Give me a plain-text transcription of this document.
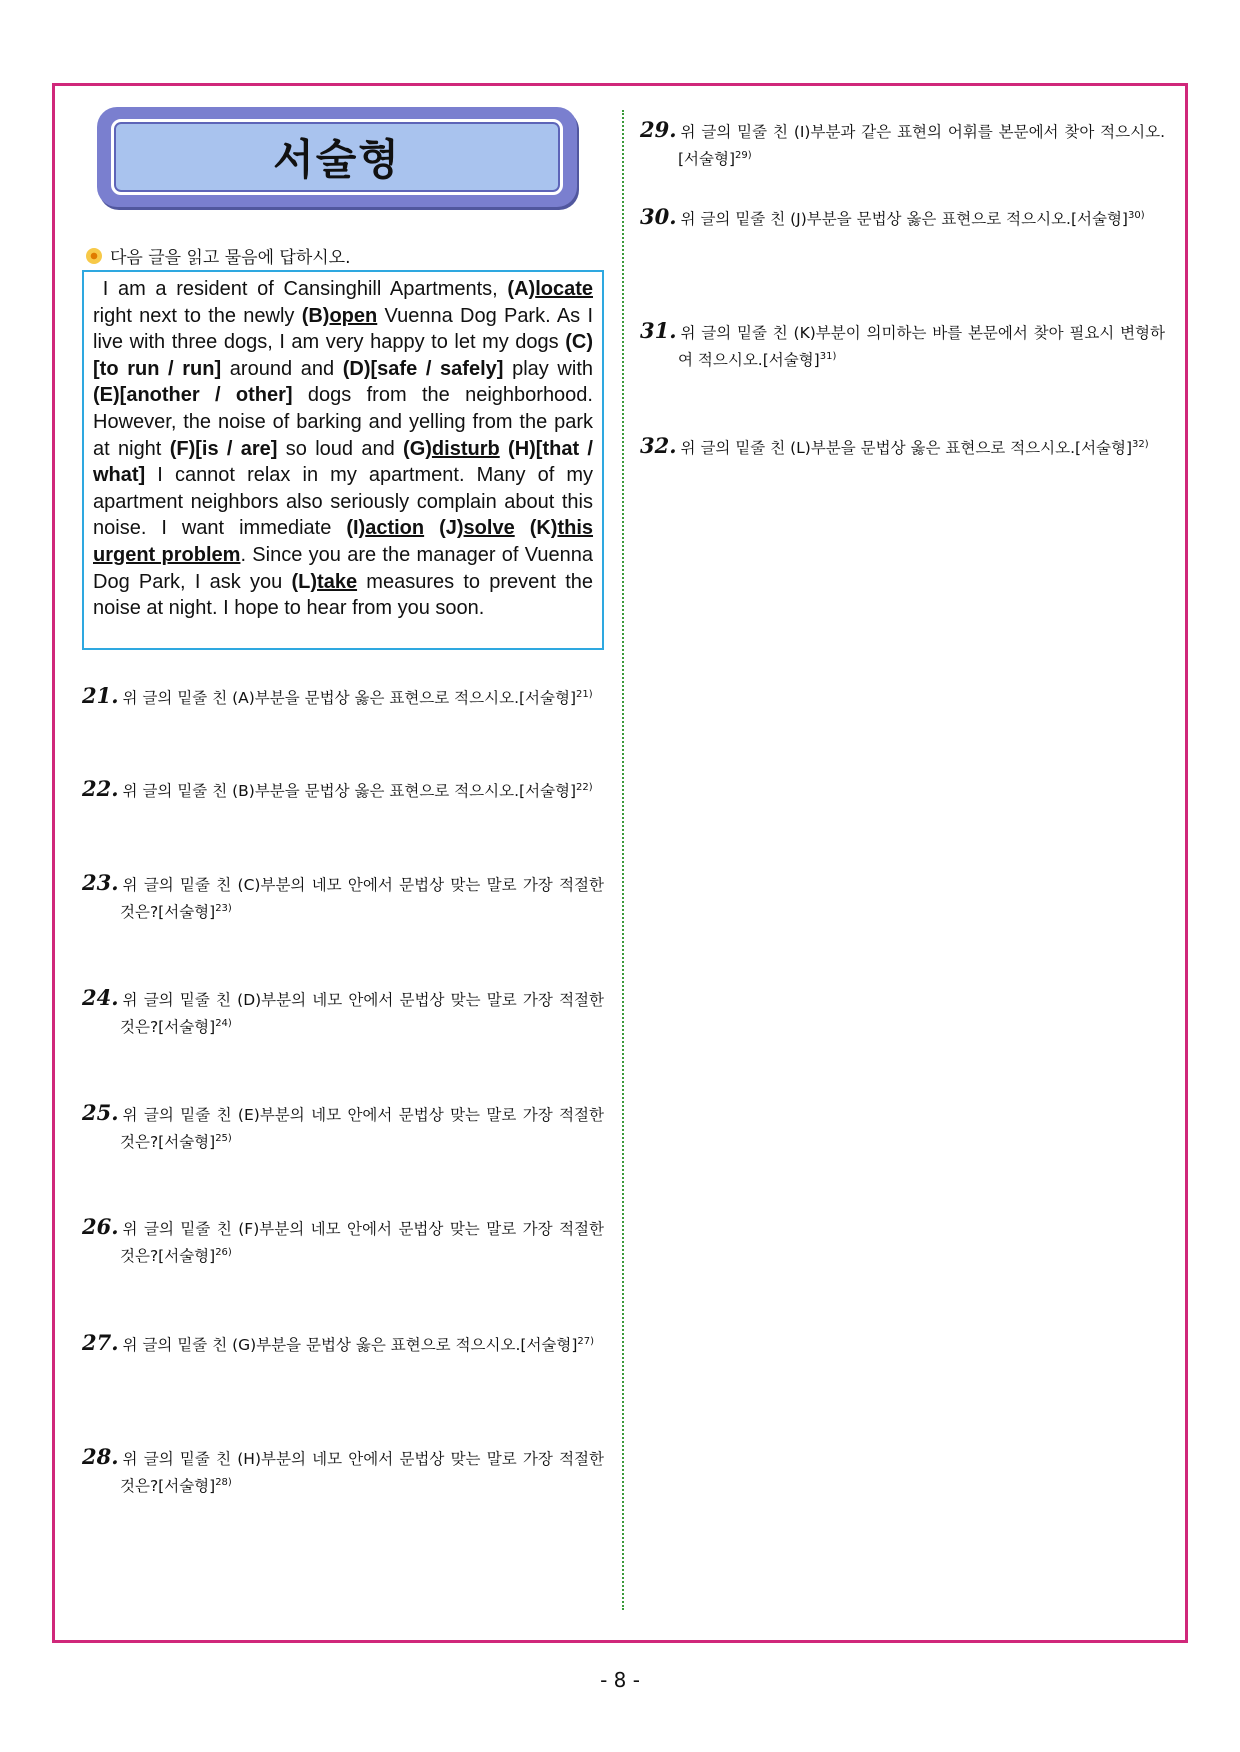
서술형
다음 글을 읽고 물음에 답하시오.
I am a resident of Cansinghill Apartments, (A)locate right next to the newly (B)open Vuenna Dog Park. As I live with three dogs, I am very happy to let my dogs (C)[to run / run] around and (D)[safe / safely] play with (E)[another / other] dogs from the neighborhood. However, the noise of barking and yelling from the park at night (F)[is / are] so loud and (G)disturb (H)[that / what] I cannot relax in my apartment. Many of my apartment neighbors also seriously complain about this noise. I want immediate (I)action (J)solve (K)this urgent problem. Since you are the manager of Vuenna Dog Park, I ask you (L)take measures to prevent the noise at night. I hope to hear from you soon.
21. 위 글의 밑줄 친 (A)부분을 문법상 옳은 표현으로 적으시오.[서술형]$^{21)}$
22. 위 글의 밑줄 친 (B)부분을 문법상 옳은 표현으로 적으시오.[서술형]$^{22)}$
23. 위 글의 밑줄 친 (C)부분의 네모 안에서 문법상 맞는 말로 가장 적절한 것은?[서술형]$^{23)}$
24. 위 글의 밑줄 친 (D)부분의 네모 안에서 문법상 맞는 말로 가장 적절한 것은?[서술형]$^{24)}$
25. 위 글의 밑줄 친 (E)부분의 네모 안에서 문법상 맞는 말로 가장 적절한 것은?[서술형]$^{25)}$
26. 위 글의 밑줄 친 (F)부분의 네모 안에서 문법상 맞는 말로 가장 적절한 것은?[서술형]$^{26)}$
27. 위 글의 밑줄 친 (G)부분을 문법상 옳은 표현으로 적으시오.[서술형]$^{27)}$
28. 위 글의 밑줄 친 (H)부분의 네모 안에서 문법상 맞는 말로 가장 적절한 것은?[서술형]$^{28)}$
29. 위 글의 밑줄 친 (I)부분과 같은 표현의 어휘를 본문에서 찾아 적으시오.[서술형]$^{29)}$
30. 위 글의 밑줄 친 (J)부분을 문법상 옳은 표현으로 적으시오.[서술형]$^{30)}$
31. 위 글의 밑줄 친 (K)부분이 의미하는 바를 본문에서 찾아 필요시 변형하여 적으시오.[서술형]$^{31)}$
32. 위 글의 밑줄 친 (L)부분을 문법상 옳은 표현으로 적으시오.[서술형]$^{32)}$
- 8 -
